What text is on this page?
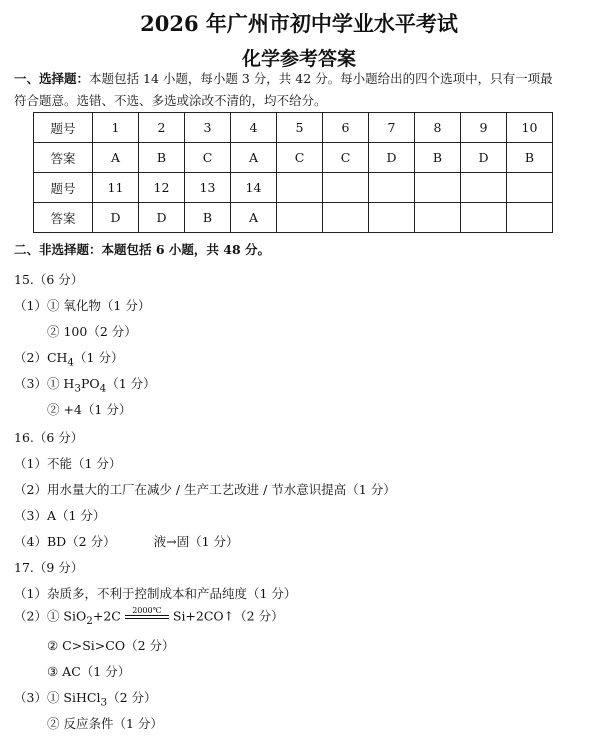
2026 年广州市初中学业水平考试
化学参考答案
一、选择题：本题包括 14 小题，每小题 3 分，共 42 分。每小题给出的四个选项中，只有一项最
符合题意。选错、不选、多选或涂改不清的，均不给分。
题号	1	2	3	4	5	6	7	8	9	10
答案	A	B	C	A	C	C	D	B	D	B
题号	11	12	13	14						
答案	D	D	B	A						
二、非选择题：本题包括 6 小题，共 48 分。
15.（6 分）
（1）① 氧化物（1 分）
② 100（2 分）
$(2)CH_4(1$ 分）
（3）① $H_3PO_4(1$ 分）
② +4（1 分）
16.（6 分）
（1）不能（1 分）
（2）用水量大的工厂在减少 / 生产工艺改进 / 节水意识提高（1 分）
（3）A（1 分）
（4）BD（2 分）	液→固（1 分）
17.（9 分）
（1）杂质多，不利于控制成本和产品纯度（1 分）
（2）① SiO$_2$+2C	2000℃ Si+2CO↑（2 分）
② C>Si>CO（2 分）
③ AC（1 分）
（3）① SiHCl$_3$（2 分）
② 反应条件（1 分）
